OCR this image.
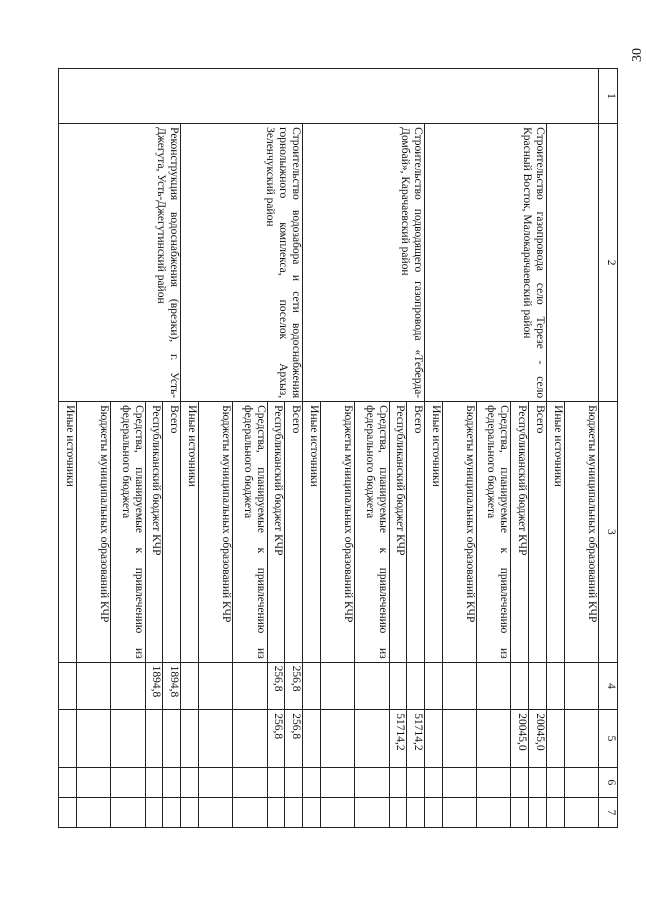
30
1	2	3	4	5	6	7
		Бюджеты муниципальных образований КЧР				
		Иные источники				
	Строительство газопровода село Терезе - село Красный Восток, Малокарачаевский район	Всего		20045,0		
		Республиканский бюджет КЧР		20045,0		
		Средства, планируемые к привлечению из федерального бюджета				
		Бюджеты муниципальных образований КЧР				
		Иные источники				
	Строительство подводящего газопровода «Теберда-Домбай», Карачаевский район	Всего		51714,2		
		Республиканский бюджет КЧР		51714,2		
		Средства, планируемые к привлечению из федерального бюджета				
		Бюджеты муниципальных образований КЧР				
		Иные источники				
	Строительство водозабора и сети водоснабжения горнолыжного комплекса, поселок Архыз, Зеленчукский район	Всего	256,8	256,8		
		Республиканский бюджет КЧР	256,8	256,8		
		Средства, планируемые к привлечению из федерального бюджета				
		Бюджеты муниципальных образований КЧР				
		Иные источники				
	Реконструкция водоснабжения (врезки), г. Усть-Джегута, Усть-Джегутинский район	Всего	1894,8			
		Республиканский бюджет КЧР	1894,8			
		Средства, планируемые к привлечению из федерального бюджета				
		Бюджеты муниципальных образований КЧР				
		Иные источники				
